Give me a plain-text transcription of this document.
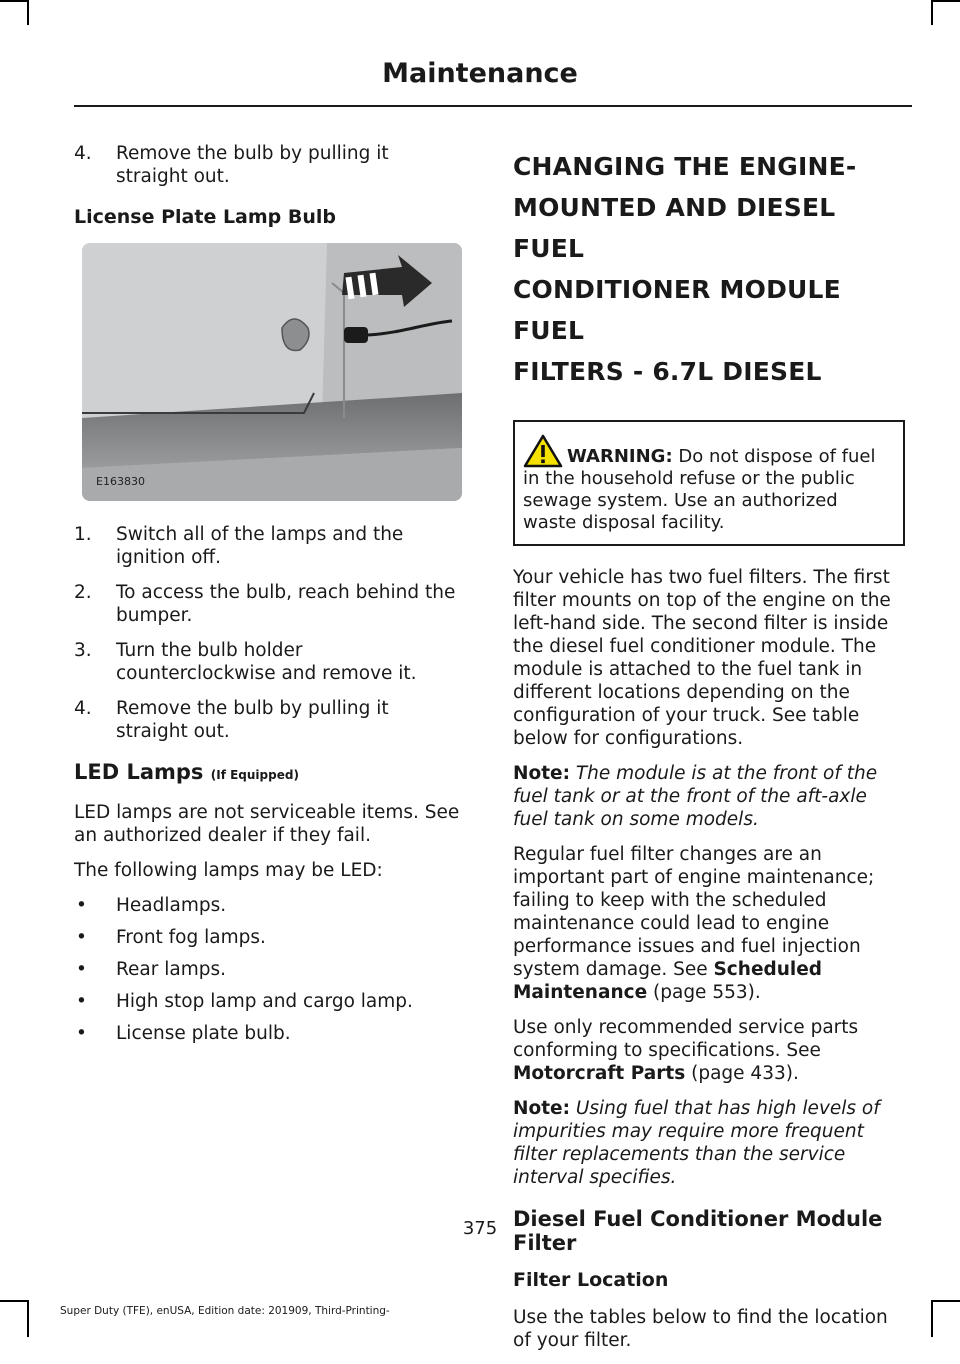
Maintenance
4. Remove the bulb by pulling it straight out.
License Plate Lamp Bulb
E163830
1. Switch all of the lamps and the ignition off.
2. To access the bulb, reach behind the bumper.
3. Turn the bulb holder counterclockwise and remove it.
4. Remove the bulb by pulling it straight out.
LED Lamps (If Equipped)

LED lamps are not serviceable items. See an authorized dealer if they fail.

The following lamps may be LED:

• Headlamps.
• Front fog lamps.
• Rear lamps.
• High stop lamp and cargo lamp.
• License plate bulb.
CHANGING THE ENGINE-
MOUNTED AND DIESEL FUEL
CONDITIONER MODULE FUEL
FILTERS - 6.7L DIESEL
WARNING: Do not dispose of fuel in the household refuse or the public sewage system. Use an authorized waste disposal facility.

Your vehicle has two fuel filters. The first filter mounts on top of the engine on the left-hand side. The second filter is inside the diesel fuel conditioner module. The module is attached to the fuel tank in different locations depending on the configuration of your truck. See table below for configurations.

Note: The module is at the front of the fuel tank or at the front of the aft-axle fuel tank on some models.

Regular fuel filter changes are an important part of engine maintenance; failing to keep with the scheduled maintenance could lead to engine performance issues and fuel injection system damage. See Scheduled Maintenance (page 553).

Use only recommended service parts conforming to specifications. See Motorcraft Parts (page 433).

Note: Using fuel that has high levels of impurities may require more frequent filter replacements than the service interval specifies.

Diesel Fuel Conditioner Module Filter
Filter Location

Use the tables below to find the location of your filter.

375
Super Duty (TFE), enUSA, Edition date: 201909, Third-Printing-
